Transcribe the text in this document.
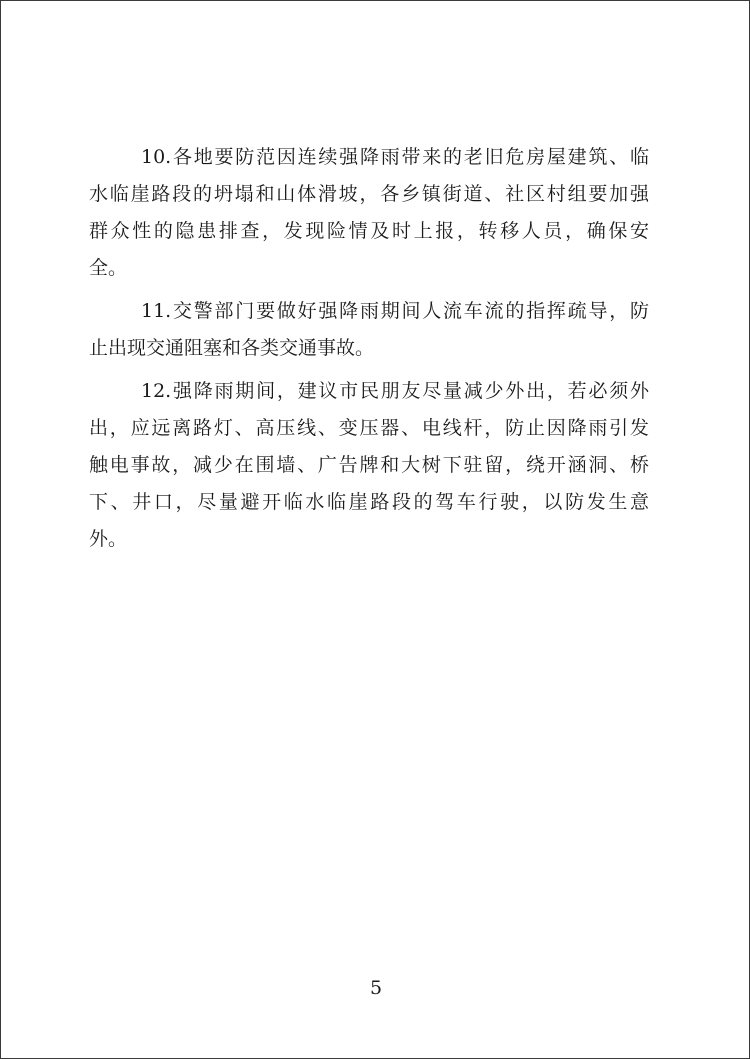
10.各地要防范因连续强降雨带来的老旧危房屋建筑、临
水临崖路段的坍塌和山体滑坡，各乡镇街道、社区村组要加强
群众性的隐患排查，发现险情及时上报，转移人员，确保安
全。
11.交警部门要做好强降雨期间人流车流的指挥疏导，防
止出现交通阻塞和各类交通事故。
12.强降雨期间，建议市民朋友尽量减少外出，若必须外
出，应远离路灯、高压线、变压器、电线杆，防止因降雨引发
触电事故，减少在围墙、广告牌和大树下驻留，绕开涵洞、桥
下、井口，尽量避开临水临崖路段的驾车行驶，以防发生意
外。
5
